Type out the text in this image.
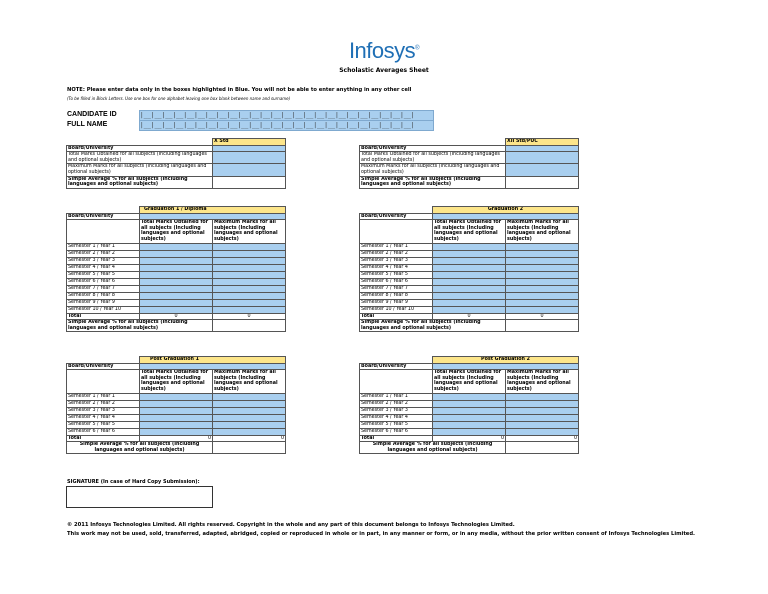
Infosys®
Scholastic Averages Sheet
NOTE: Please enter data only in the boxes highlighted in Blue. You will not be able to enter anything in any other cell
(To be filled in Block Letters. Use one box for one alphabet leaving one box blank between name and surname)
CANDIDATE ID	|__|__|__|__|__|__|__|__|__|__|__|__|__|__|__|__|__|__|__|__|__|__|__|__|__|
FULL NAME	|__|__|__|__|__|__|__|__|__|__|__|__|__|__|__|__|__|__|__|__|__|__|__|__|__|
	X Std
Board/University	
Total Marks Obtained for all subjects (Including languages and optional subjects)	
Maximum Marks for all subjects (Including languages and optional subjects)	
Simple Average % for all subjects (Including languages and optional subjects)	
	XII Std/PUC
Board/University	
Total Marks Obtained for all subjects (Including languages and optional subjects)	
Maximum Marks for all subjects (Including languages and optional subjects)	
Simple Average % for all subjects (Including languages and optional subjects)	
	Graduation 1 / Diploma	
Board/University		
	Total Marks Obtained for all subjects (Including languages and optional subjects)	Maximum Marks for all subjects (Including languages and optional subjects)
Semester 1 / Year 1		
Semester 2 / Year 2		
Semester 3 / Year 3		
Semester 4 / Year 4		
Semester 5 / Year 5		
Semester 6 / Year 6		
Semester 7 / Year 7		
Semester 8 / Year 8		
Semester 9 / Year 9		
Semester 10 / Year 10		
Total	0	0
Simple Average % for all subjects (Including languages and optional subjects)		
	Graduation 2	
Board/University		
	Total Marks Obtained for all subjects (Including languages and optional subjects)	Maximum Marks for all subjects (Including languages and optional subjects)
Semester 1 / Year 1		
Semester 2 / Year 2		
Semester 3 / Year 3		
Semester 4 / Year 4		
Semester 5 / Year 5		
Semester 6 / Year 6		
Semester 7 / Year 7		
Semester 8 / Year 8		
Semester 9 / Year 9		
Semester 10 / Year 10		
Total	0	0
Simple Average % for all subjects (Including languages and optional subjects)		
	Post Graduation 1	
Board/University		
	Total Marks Obtained for all subjects (Including languages and optional subjects)	Maximum Marks for all subjects (Including languages and optional subjects)
Semester 1 / Year 1		
Semester 2 / Year 2		
Semester 3 / Year 3		
Semester 4 / Year 4		
Semester 5 / Year 5		
Semester 6 / Year 6		
Total	0	0
Simple Average % for all subjects (Including languages and optional subjects)		
	Post Graduation 2	
Board/University		
	Total Marks Obtained for all subjects (Including languages and optional subjects)	Maximum Marks for all subjects (Including languages and optional subjects)
Semester 1 / Year 1		
Semester 2 / Year 2		
Semester 3 / Year 3		
Semester 4 / Year 4		
Semester 5 / Year 5		
Semester 6 / Year 6		
Total	0	0
Simple Average % for all subjects (Including languages and optional subjects)		
SIGNATURE (In case of Hard Copy Submission):
© 2011 Infosys Technologies Limited. All rights reserved. Copyright in the whole and any part of this document belongs to Infosys Technologies Limited.
This work may not be used, sold, transferred, adapted, abridged, copied or reproduced in whole or in part, in any manner or form, or in any media, without the prior written consent of Infosys Technologies Limited.
